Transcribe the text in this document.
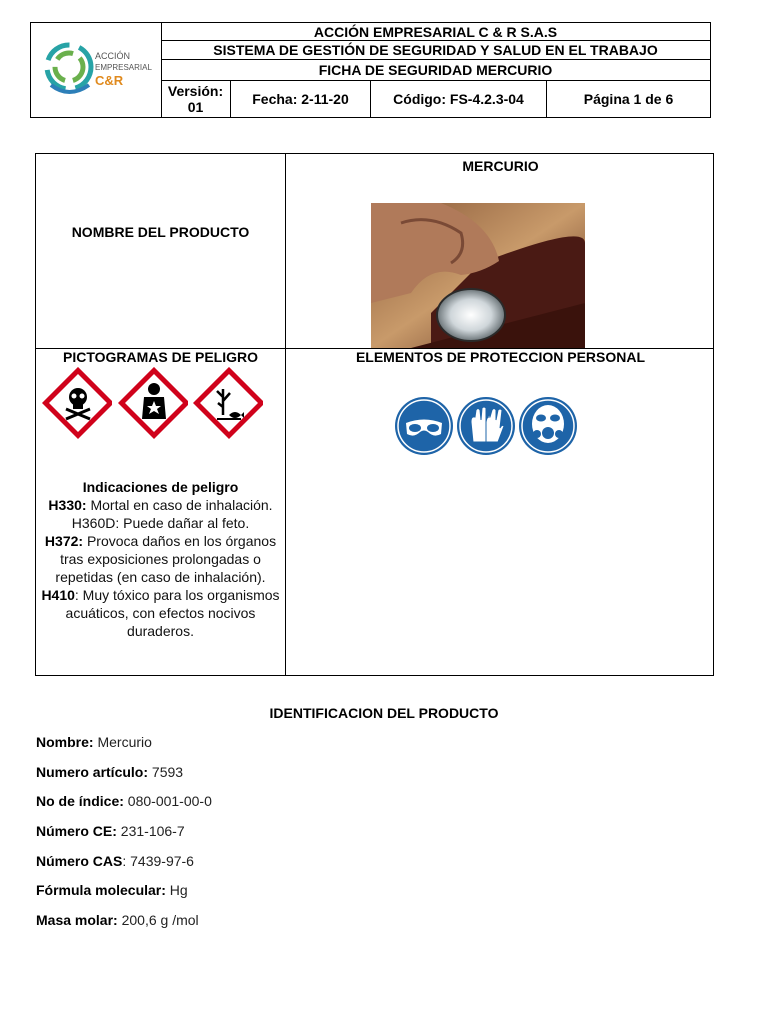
ACCIÓN
EMPRESARIAL
C&R
ACCIÓN EMPRESARIAL C & R S.A.S
SISTEMA DE GESTIÓN DE SEGURIDAD Y SALUD EN EL TRABAJO
FICHA DE SEGURIDAD MERCURIO
Versión:
01	Fecha: 2-11-20	Código: FS-4.2.3-04	Página 1 de 6
NOMBRE DEL PRODUCTO
MERCURIO
PICTOGRAMAS DE PELIGRO	ELEMENTOS DE PROTECCION PERSONAL
Indicaciones de peligro
H330: Mortal en caso de inhalación. H360D: Puede dañar al feto.
H372: Provoca daños en los órganos tras exposiciones prolongadas o repetidas (en caso de inhalación).
H410: Muy tóxico para los organismos acuáticos, con efectos nocivos duraderos.
IDENTIFICACION DEL PRODUCTO
Nombre: Mercurio
Numero artículo: 7593
No de índice: 080-001-00-0
Número CE: 231-106-7
Número CAS: 7439-97-6
Fórmula molecular: Hg
Masa molar: 200,6 g /mol
